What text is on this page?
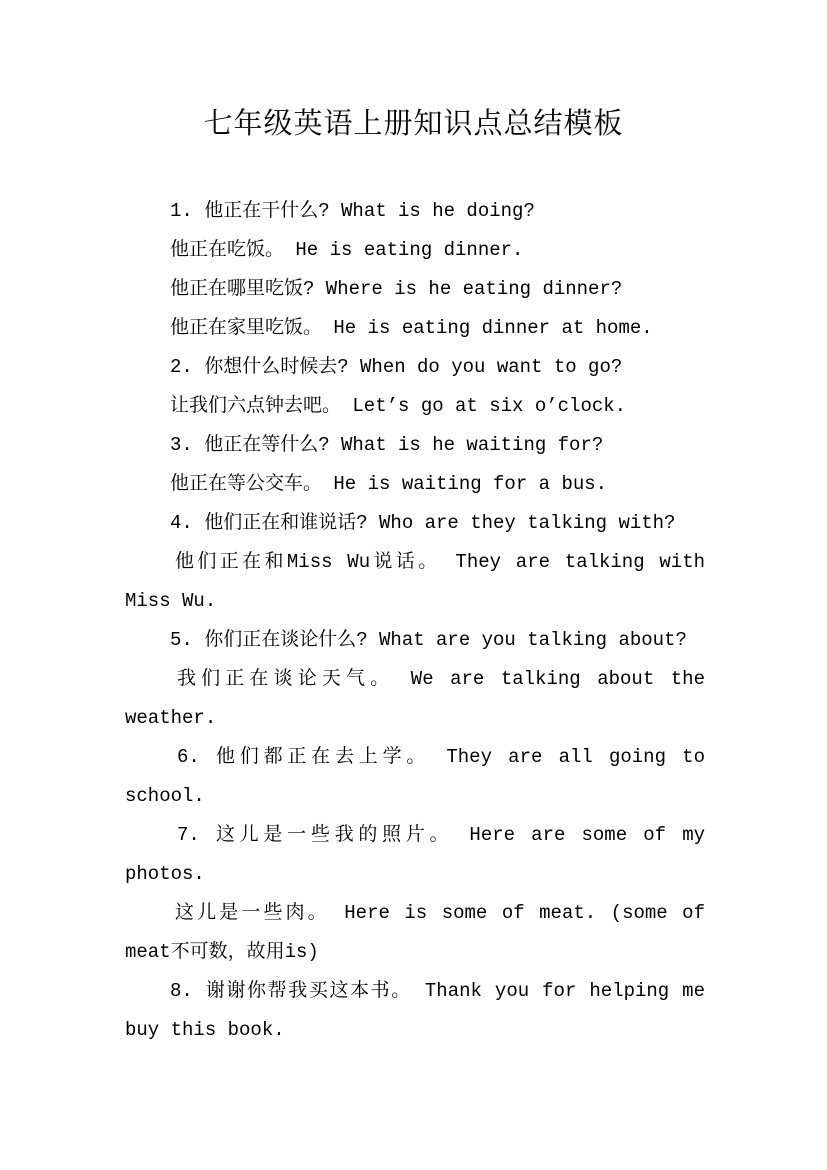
七年级英语上册知识点总结模板
1. 他正在干什么? What is he doing?
他正在吃饭。 He is eating dinner.
他正在哪里吃饭? Where is he eating dinner?
他正在家里吃饭。 He is eating dinner at home.
2. 你想什么时候去? When do you want to go?
让我们六点钟去吧。 Let’s go at six o’clock.
3. 他正在等什么? What is he waiting for?
他正在等公交车。 He is waiting for a bus.
4. 他们正在和谁说话? Who are they talking with?
他们正在和Miss Wu说话。 They are talking with
Miss Wu.
5. 你们正在谈论什么? What are you talking about?
我们正在谈论天气。 We are talking about the
weather.
6. 他们都正在去上学。 They are all going to
school.
7. 这儿是一些我的照片。 Here are some of my
photos.
这儿是一些肉。 Here is some of meat. (some of
meat不可数，故用is)
8. 谢谢你帮我买这本书。 Thank you for helping me
buy this book.
